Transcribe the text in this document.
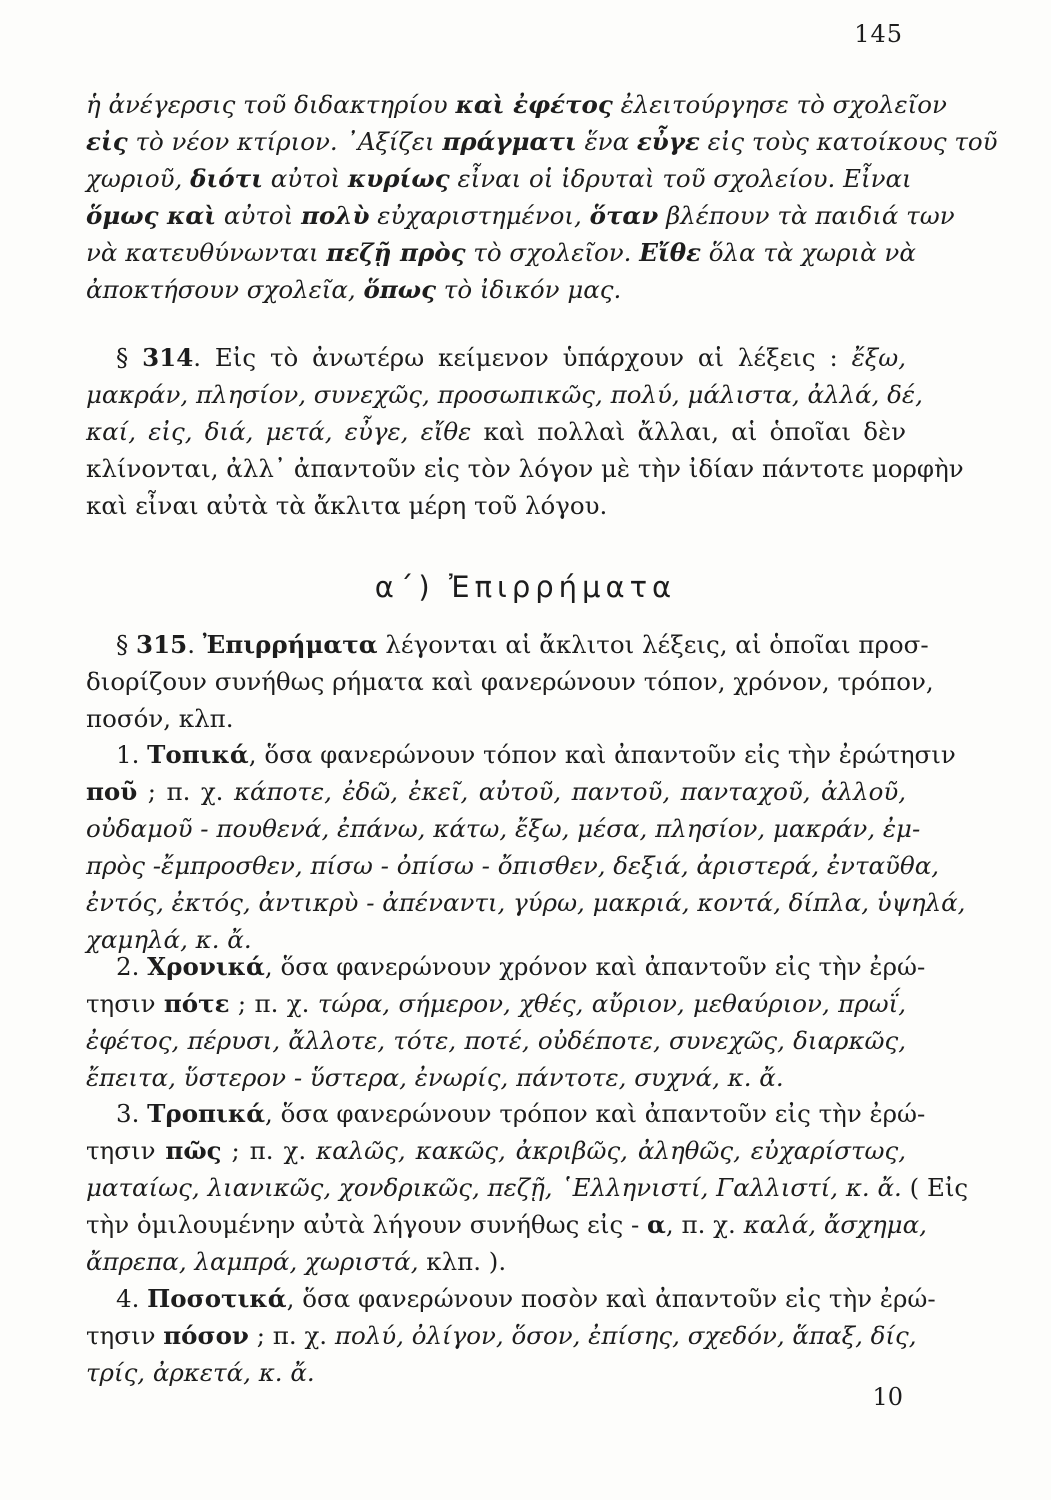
145
ἡ ἀνέγερσις τοῦ διδακτηρίου καὶ ἐφέτος ἐλειτούργησε τὸ σχολεῖον
εἰς τὸ νέον κτίριον. ᾿Αξίζει πράγματι ἕνα εὖγε εἰς τοὺς κατοίκους τοῦ
χωριοῦ, διότι αὐτοὶ κυρίως εἶναι οἱ ἱδρυταὶ τοῦ σχολείου. Εἶναι
ὅμως καὶ αὐτοὶ πολὺ εὐχαριστημένοι, ὅταν βλέπουν τὰ παιδιά των
νὰ κατευθύνωνται πεζῇ πρὸς τὸ σχολεῖον. Εἴθε ὅλα τὰ χωριὰ νὰ
ἀποκτήσουν σχολεῖα, ὅπως τὸ ἰδικόν μας.
§ 314. Εἰς τὸ ἀνωτέρω κείμενον ὑπάρχουν αἱ λέξεις : ἔξω,
μακράν, πλησίον, συνεχῶς, προσωπικῶς, πολύ, μάλιστα, ἀλλά, δέ,
καί, εἰς, διά, μετά, εὖγε, εἴθε καὶ πολλαὶ ἄλλαι, αἱ ὁποῖαι δὲν
κλίνονται, ἀλλ᾿ ἀπαντοῦν εἰς τὸν λόγον μὲ τὴν ἰδίαν πάντοτε μορφὴν
καὶ εἶναι αὐτὰ τὰ ἄκλιτα μέρη τοῦ λόγου.
α΄) Ἐπιρρήματα
§ 315. Ἐπιρρήματα λέγονται αἱ ἄκλιτοι λέξεις, αἱ ὁποῖαι προσ-
διορίζουν συνήθως ρήματα καὶ φανερώνουν τόπον, χρόνον, τρόπον,
ποσόν, κλπ.
1. Τοπικά, ὅσα φανερώνουν τόπον καὶ ἀπαντοῦν εἰς τὴν ἐρώτησιν
ποῦ ; π. χ. κάποτε, ἐδῶ, ἐκεῖ, αὐτοῦ, παντοῦ, πανταχοῦ, ἀλλοῦ,
οὐδαμοῦ - πουθενά, ἐπάνω, κάτω, ἔξω, μέσα, πλησίον, μακράν, ἐμ-
πρὸς -ἔμπροσθεν, πίσω - ὀπίσω - ὄπισθεν, δεξιά, ἀριστερά, ἐνταῦθα,
ἐντός, ἐκτός, ἀντικρὺ - ἀπέναντι, γύρω, μακριά, κοντά, δίπλα, ὑψηλά,
χαμηλά, κ. ἄ.
2. Χρονικά, ὅσα φανερώνουν χρόνον καὶ ἀπαντοῦν εἰς τὴν ἐρώ-
τησιν πότε ; π. χ. τώρα, σήμερον, χθές, αὔριον, μεθαύριον, πρωΐ,
ἐφέτος, πέρυσι, ἄλλοτε, τότε, ποτέ, οὐδέποτε, συνεχῶς, διαρκῶς,
ἔπειτα, ὕστερον - ὕστερα, ἐνωρίς, πάντοτε, συχνά, κ. ἄ.
3. Τροπικά, ὅσα φανερώνουν τρόπον καὶ ἀπαντοῦν εἰς τὴν ἐρώ-
τησιν πῶς ; π. χ. καλῶς, κακῶς, ἀκριβῶς, ἀληθῶς, εὐχαρίστως,
ματαίως, λιανικῶς, χονδρικῶς, πεζῇ, ῾Ελληνιστί, Γαλλιστί, κ. ἄ. ( Εἰς
τὴν ὁμιλουμένην αὐτὰ λήγουν συνήθως εἰς - α, π. χ. καλά, ἄσχημα,
ἄπρεπα, λαμπρά, χωριστά, κλπ. ).
4. Ποσοτικά, ὅσα φανερώνουν ποσὸν καὶ ἀπαντοῦν εἰς τὴν ἐρώ-
τησιν πόσον ; π. χ. πολύ, ὀλίγον, ὅσον, ἐπίσης, σχεδόν, ἅπαξ, δίς,
τρίς, ἀρκετά, κ. ἄ.
10
